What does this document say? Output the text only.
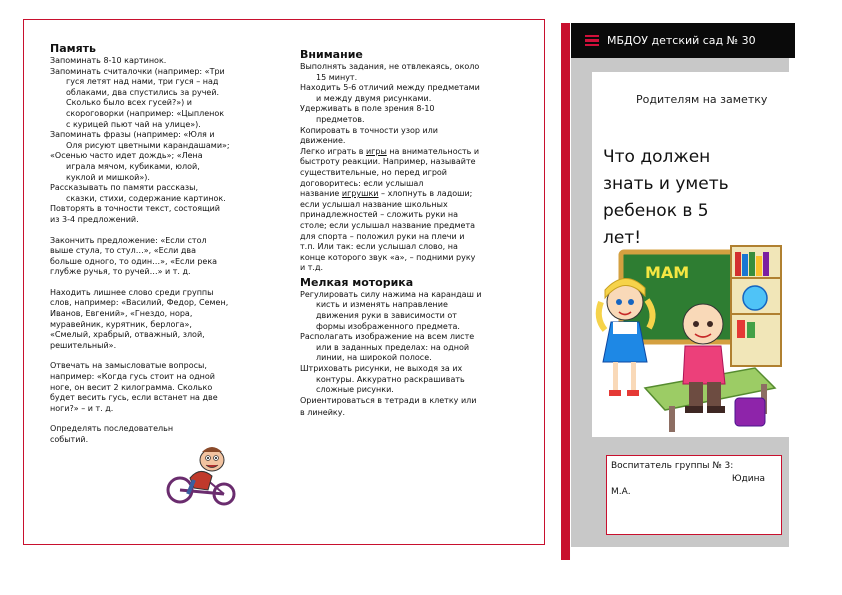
Память
Запоминать 8-10 картинок.
Запоминать считалочки (например: «Три
гуся летят над нами, три гуся – над
облаками, два спустились за ручей.
Сколько было всех гусей?») и
скороговорки (например: «Цыпленок
с курицей пьют чай на улице»).
Запоминать фразы (например: «Юля и
Оля рисуют цветными карандашами»;
«Осенью часто идет дождь»; «Лена
играла мячом, кубиками, юлой,
куклой и мишкой»).
Рассказывать по памяти рассказы,
сказки, стихи, содержание картинок.
Повторять в точности текст, состоящий
из 3-4 предложений.
Закончить предложение: «Если стол
выше стула, то стул…», «Если два
больше одного, то один…», «Если река
глубже ручья, то ручей…» и т. д.
Находить лишнее слово среди группы
слов, например: «Василий, Федор, Семен,
Иванов, Евгений», «Гнездо, нора,
муравейник, курятник, берлога»,
«Смелый, храбрый, отважный, злой,
решительный».
Отвечать на замысловатые вопросы,
например: «Когда гусь стоит на одной
ноге, он весит 2 килограмма. Сколько
будет весить гусь, если встанет на две
ноги?» – и т. д.
Определять последовательн
событий.
Внимание
Выполнять задания, не отвлекаясь, около
15 минут.
Находить 5-6 отличий между предметами
и между двумя рисунками.
Удерживать в поле зрения 8-10
предметов.
Копировать в точности узор или
движение.
Легко играть в игры на внимательность и
быстроту реакции. Например, называйте
существительные, но перед игрой
договоритесь: если услышал
название игрушки – хлопнуть в ладоши;
если услышал название школьных
принадлежностей – сложить руки на
столе; если услышал название предмета
для спорта – положил руки на плечи и
т.п. Или так: если услышал слово, на
конце которого звук «а», – подними руку
и т.д.
Мелкая моторика
Регулировать силу нажима на карандаш и
кисть и изменять направление
движения руки в зависимости от
формы изображенного предмета.
Располагать изображение на всем листе
или в заданных пределах: на одной
линии, на широкой полосе.
Штриховать рисунки, не выходя за их
контуры. Аккуратно раскрашивать
сложные рисунки.
Ориентироваться в тетради в клетку или
в линейку.
МБДОУ детский сад № 30
Родителям на заметку
Что должен
знать и уметь
ребенок в 5
лет!
МАМ
Воспитатель группы № 3:
Юдина
М.А.
